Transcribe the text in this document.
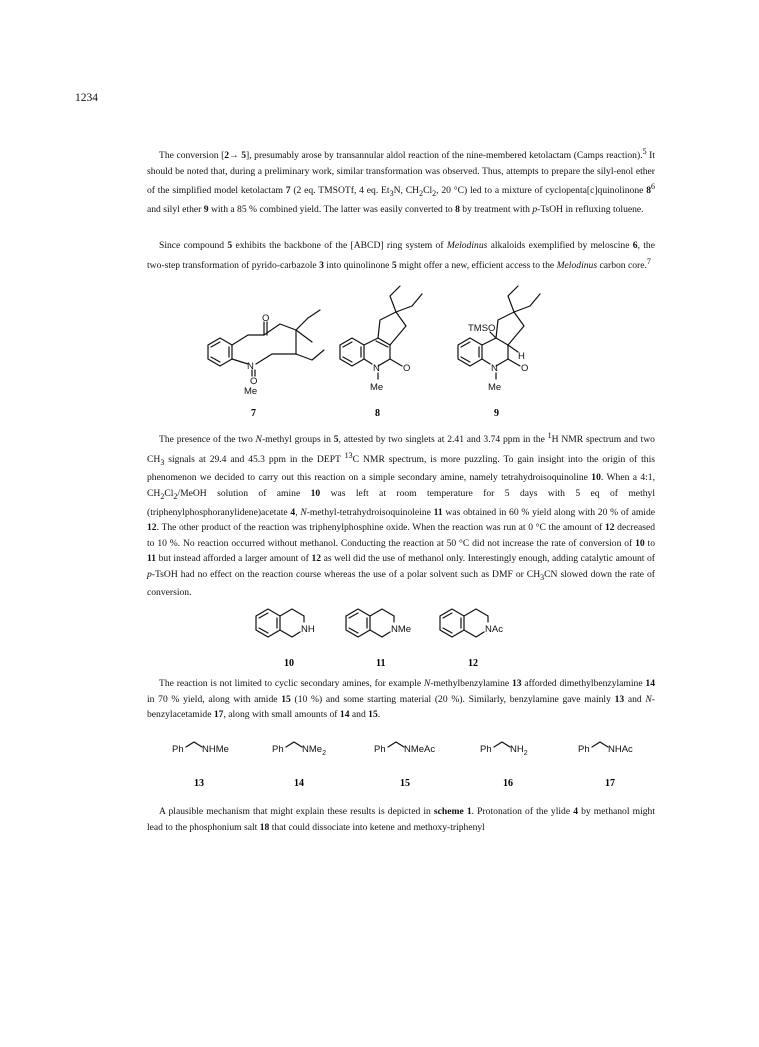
1234

The conversion [2→ 5], presumably arose by transannular aldol reaction of the nine-membered ketolactam (Camps reaction).$^5$ It should be noted that, during a preliminary work, similar transformation was observed. Thus, attempts to prepare the silyl-enol ether of the simplified model ketolactam 7 (2 eq. TMSOTf, 4 eq. $Et_3N$, $CH_2Cl_2$, 20 °C) led to a mixture of cyclopenta[c]quinolinone $8^6$ and silyl ether 9 with a 85 % combined yield. The latter was easily converted to 8 by treatment with p-TsOH in refluxing toluene.

Since compound 5 exhibits the backbone of the [ABCD] ring system of Melodinus alkaloids exemplified by meloscine 6, the two-step transformation of pyrido-carbazole 3 into quinolinone 5 might offer a new, efficient access to the Melodinus carbon core.$^7$

O
N
O
Me
7
N O
Me
8
TMSO
H
N O
Me
9

The presence of the two N-methyl groups in 5, attested by two singlets at 2.41 and 3.74 ppm in the $^1$H NMR spectrum and two $CH_3$ signals at 29.4 and 45.3 ppm in the DEPT $^{13}$C NMR spectrum, is more puzzling. To gain insight into the origin of this phenomenon we decided to carry out this reaction on a simple secondary amine, namely tetrahydroisoquinoline 10. When a 4:1, $CH_2Cl_2$/MeOH solution of amine 10 was left at room temperature for 5 days with 5 eq of methyl (triphenylphosphoranylidene)acetate 4, N-methyl-tetrahydroisoquinoleine 11 was obtained in 60 % yield along with 20 % of amide 12. The other product of the reaction was triphenylphosphine oxide. When the reaction was run at 0 °C the amount of 12 decreased to 10 %. No reaction occurred without methanol. Conducting the reaction at 50 °C did not increase the rate of conversion of 10 to 11 but instead afforded a larger amount of 12 as well did the use of methanol only. Interestingly enough, adding catalytic amount of p-TsOH had no effect on the reaction course whereas the use of a polar solvent such as DMF or $CH_3CN$ slowed down the rate of conversion.

NH
10
NMe
11
NAc
12

The reaction is not limited to cyclic secondary amines, for example N-methylbenzylamine 13 afforded dimethylbenzylamine 14 in 70 % yield, along with amide 15 (10 %) and some starting material (20 %). Similarly, benzylamine gave mainly 13 and N-benzylacetamide 17, along with small amounts of 14 and 15.

Ph NHMe
13
Ph NMe$_2$
14
Ph NMeAc
15
Ph $NH_2$
16
Ph NHAc
17

A plausible mechanism that might explain these results is depicted in scheme 1. Protonation of the ylide 4 by methanol might lead to the phosphonium salt 18 that could dissociate into ketene and methoxy-triphenyl
